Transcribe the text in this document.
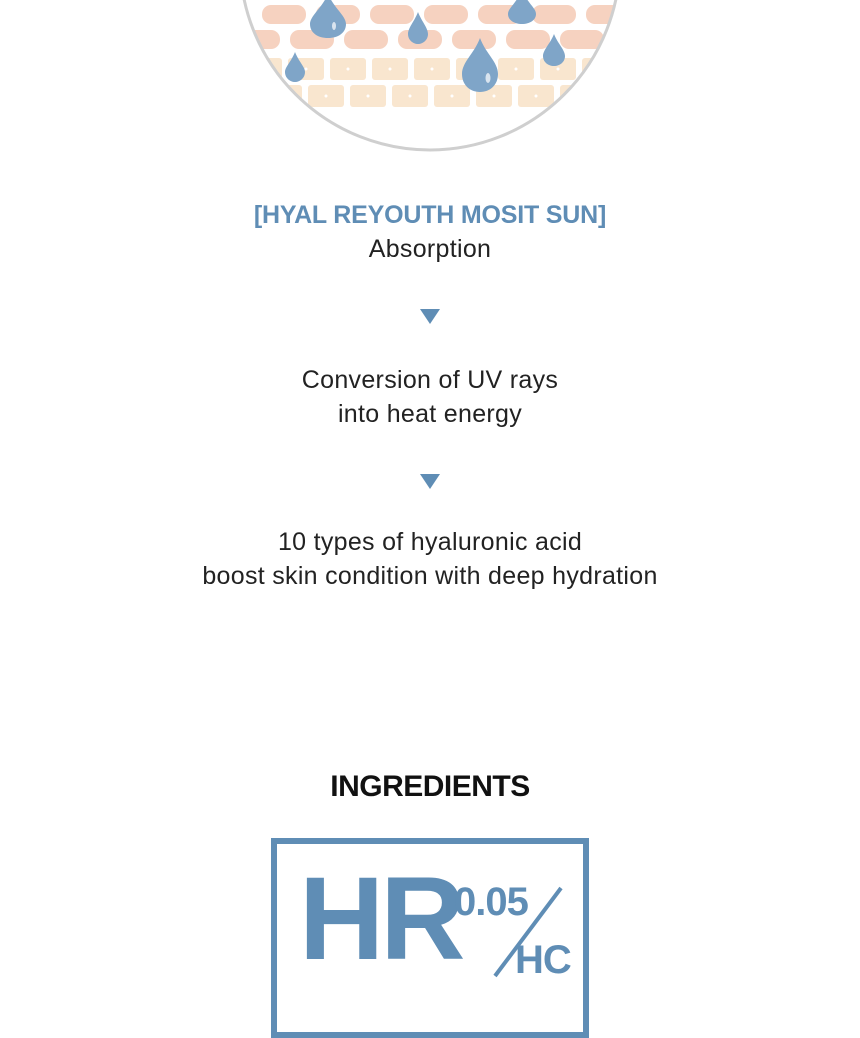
[HYAL REYOUTH MOSIT SUN]
Absorption
Conversion of UV rays
into heat energy
10 types of hyaluronic acid
boost skin condition with deep hydration
INGREDIENTS
HR
0.05
HC
